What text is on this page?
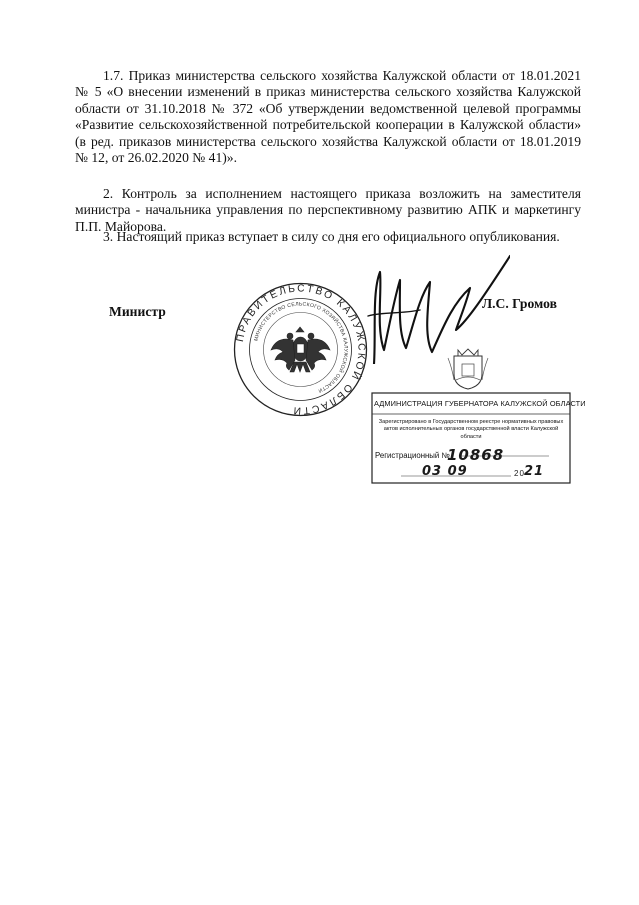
1.7. Приказ министерства сельского хозяйства Калужской области от 18.01.2021 № 5 «О внесении изменений в приказ министерства сельского хозяйства Калужской области от 31.10.2018 № 372 «Об утверждении ведомственной целевой программы «Развитие сельскохозяйственной потребительской кооперации в Калужской области» (в ред. приказов министерства сельского хозяйства Калужской области от 18.01.2019 № 12, от 26.02.2020 № 41)».

2. Контроль за исполнением настоящего приказа возложить на заместителя министра - начальника управления по перспективному развитию АПК и маркетингу П.П. Майорова.

3. Настоящий приказ вступает в силу со дня его официального опубликования.

Министр
ПРАВИТЕЛЬСТВО КАЛУЖСКОЙ ОБЛАСТИ
МИНИСТЕРСТВО СЕЛЬСКОГО ХОЗЯЙСТВА КАЛУЖСКОЙ ОБЛАСТИ
Л.С. Громов
АДМИНИСТРАЦИЯ ГУБЕРНАТОРА КАЛУЖСКОЙ ОБЛАСТИ
Зарегистрировано в Государственном реестре нормативных правовых актов исполнительных органов государственной власти Калужской области
Регистрационный №
10868
03 09	20 21
